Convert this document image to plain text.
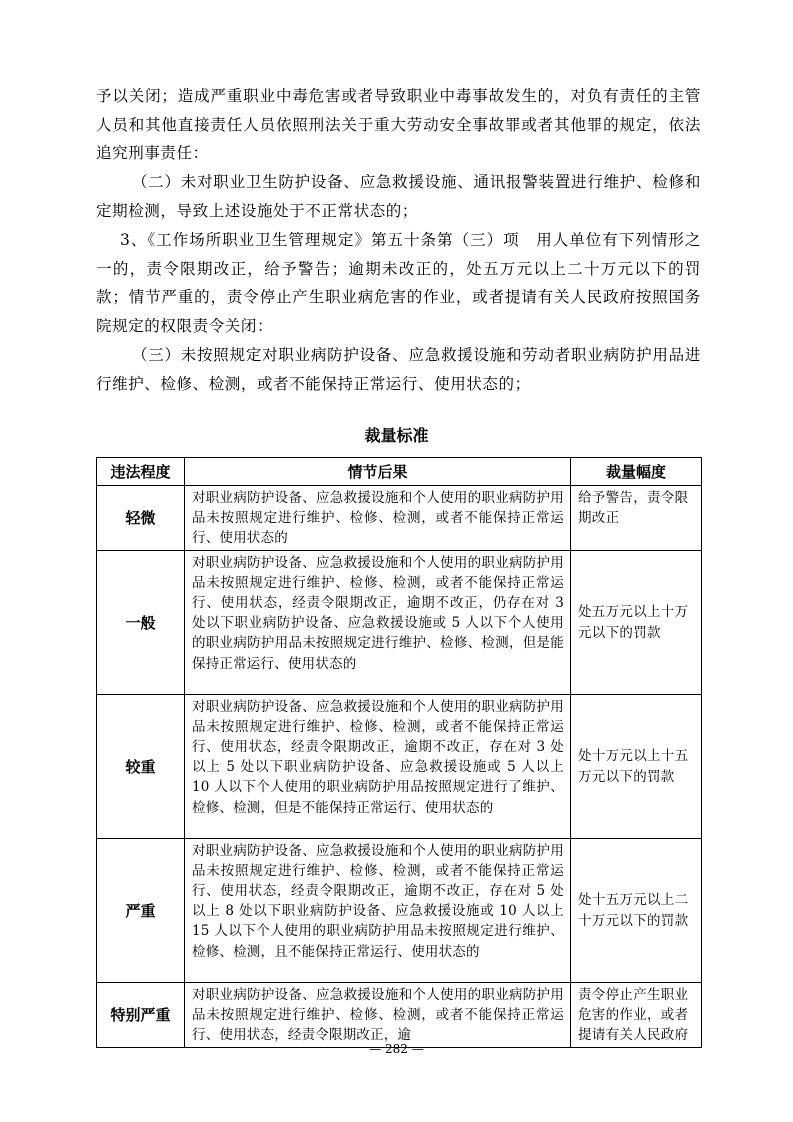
予以关闭；造成严重职业中毒危害或者导致职业中毒事故发生的，对负有责任的主管人员和其他直接责任人员依照刑法关于重大劳动安全事故罪或者其他罪的规定，依法追究刑事责任：

（二）未对职业卫生防护设备、应急救援设施、通讯报警装置进行维护、检修和定期检测，导致上述设施处于不正常状态的；

3、《工作场所职业卫生管理规定》第五十条第（三）项　用人单位有下列情形之一的，责令限期改正，给予警告；逾期未改正的，处五万元以上二十万元以下的罚款；情节严重的，责令停止产生职业病危害的作业，或者提请有关人民政府按照国务院规定的权限责令关闭：

（三）未按照规定对职业病防护设备、应急救援设施和劳动者职业病防护用品进行维护、检修、检测，或者不能保持正常运行、使用状态的；

裁量标准

违法程度	情节后果	裁量幅度
轻微	对职业病防护设备、应急救援设施和个人使用的职业病防护用品未按照规定进行维护、检修、检测，或者不能保持正常运行、使用状态的	给予警告，责令限期改正
一般	对职业病防护设备、应急救援设施和个人使用的职业病防护用品未按照规定进行维护、检修、检测，或者不能保持正常运行、使用状态，经责令限期改正，逾期不改正，仍存在对 3 处以下职业病防护设备、应急救援设施或 5 人以下个人使用的职业病防护用品未按照规定进行维护、检修、检测，但是能保持正常运行、使用状态的	处五万元以上十万元以下的罚款
较重	对职业病防护设备、应急救援设施和个人使用的职业病防护用品未按照规定进行维护、检修、检测，或者不能保持正常运行、使用状态，经责令限期改正，逾期不改正，存在对 3 处以上 5 处以下职业病防护设备、应急救援设施或 5 人以上 10 人以下个人使用的职业病防护用品按照规定进行了维护、检修、检测，但是不能保持正常运行、使用状态的	处十万元以上十五万元以下的罚款
严重	对职业病防护设备、应急救援设施和个人使用的职业病防护用品未按照规定进行维护、检修、检测，或者不能保持正常运行、使用状态，经责令限期改正，逾期不改正，存在对 5 处以上 8 处以下职业病防护设备、应急救援设施或 10 人以上 15 人以下个人使用的职业病防护用品未按照规定进行维护、检修、检测，且不能保持正常运行、使用状态的	处十五万元以上二十万元以下的罚款
特别严重	对职业病防护设备、应急救援设施和个人使用的职业病防护用品未按照规定进行维护、检修、检测，或者不能保持正常运行、使用状态，经责令限期改正，逾	责令停止产生职业危害的作业，或者提请有关人民政府

— 282 —
